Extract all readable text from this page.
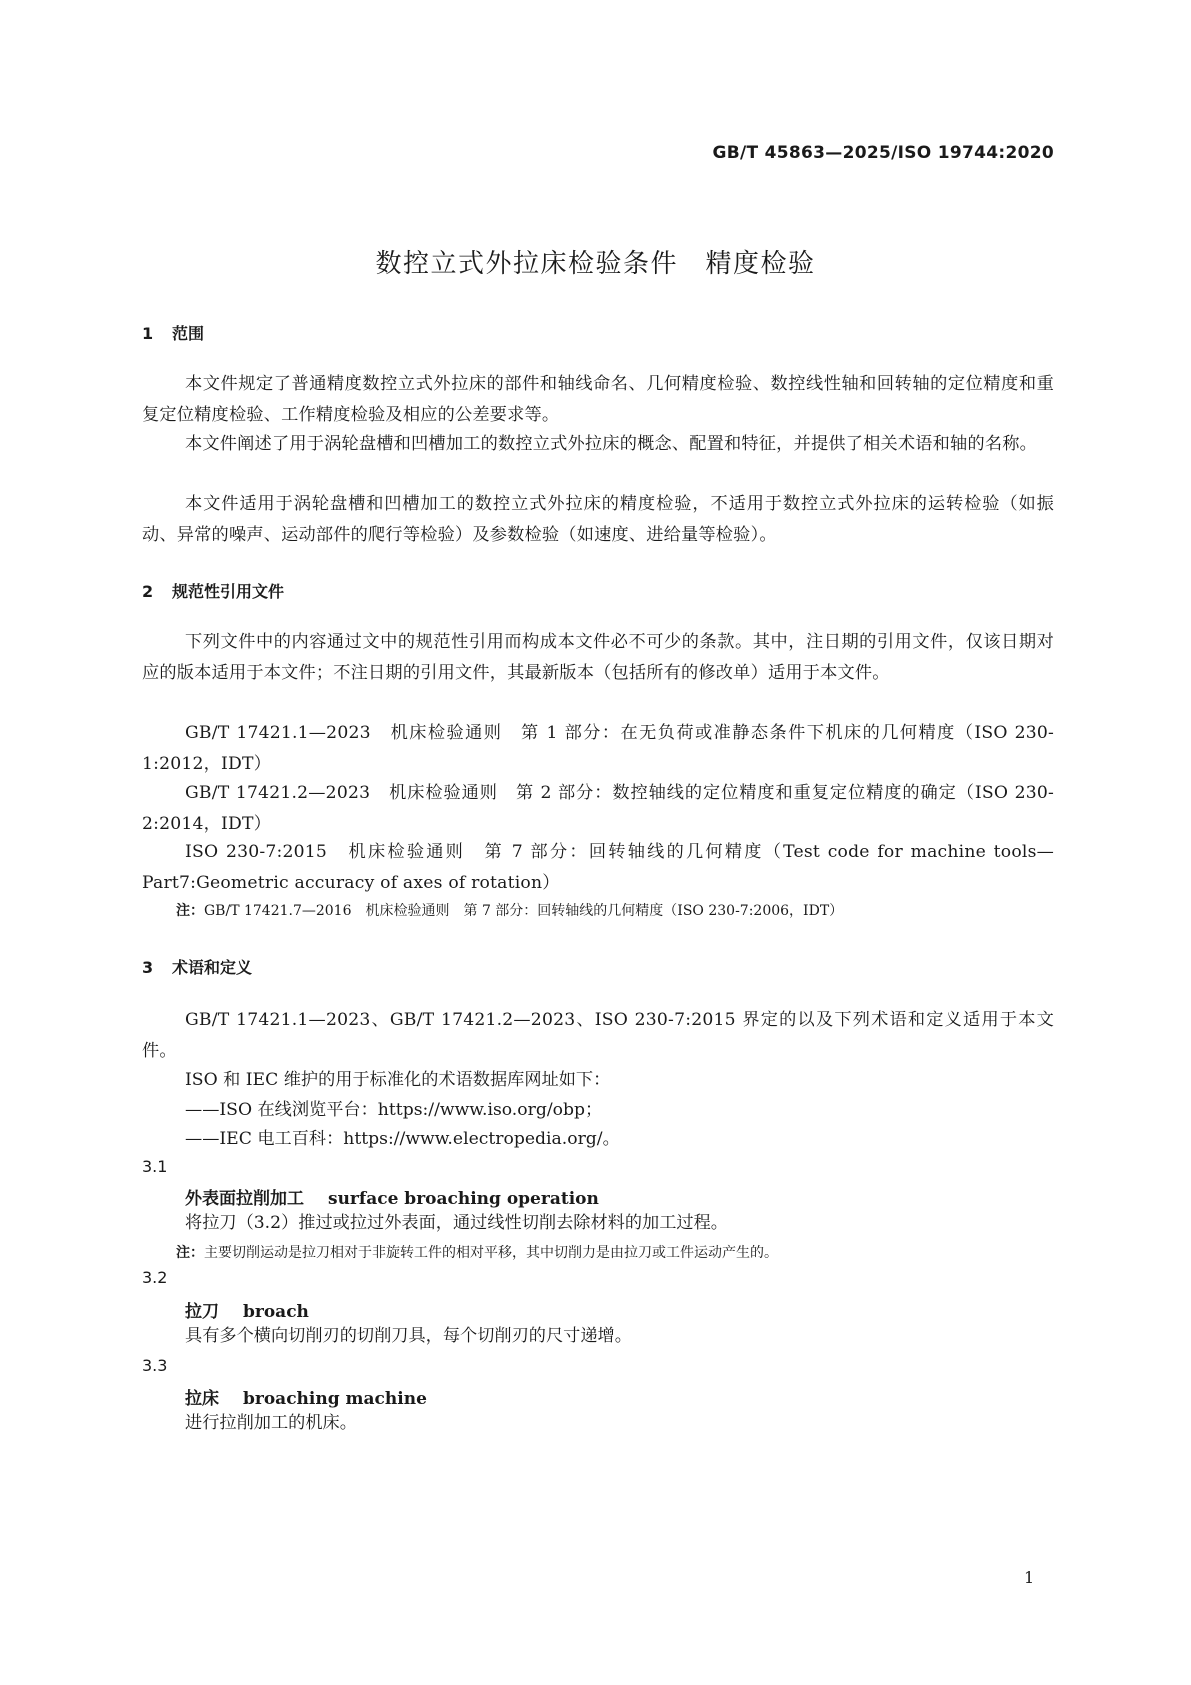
GB/T 45863—2025/ISO 19744:2020
数控立式外拉床检验条件　精度检验
1 范围
本文件规定了普通精度数控立式外拉床的部件和轴线命名、几何精度检验、数控线性轴和回转轴的定位精度和重复定位精度检验、工作精度检验及相应的公差要求等。
本文件阐述了用于涡轮盘槽和凹槽加工的数控立式外拉床的概念、配置和特征，并提供了相关术语和轴的名称。
本文件适用于涡轮盘槽和凹槽加工的数控立式外拉床的精度检验，不适用于数控立式外拉床的运转检验（如振动、异常的噪声、运动部件的爬行等检验）及参数检验（如速度、进给量等检验）。
2 规范性引用文件
下列文件中的内容通过文中的规范性引用而构成本文件必不可少的条款。其中，注日期的引用文件，仅该日期对应的版本适用于本文件；不注日期的引用文件，其最新版本（包括所有的修改单）适用于本文件。
GB/T 17421.1—2023　机床检验通则　第 1 部分：在无负荷或准静态条件下机床的几何精度（ISO 230-1:2012，IDT）
GB/T 17421.2—2023　机床检验通则　第 2 部分：数控轴线的定位精度和重复定位精度的确定（ISO 230-2:2014，IDT）
ISO 230-7:2015　机床检验通则　第 7 部分：回转轴线的几何精度（Test code for machine tools—Part7:Geometric accuracy of axes of rotation）
注：GB/T 17421.7—2016　机床检验通则　第 7 部分：回转轴线的几何精度（ISO 230-7:2006，IDT）
3 术语和定义
GB/T 17421.1—2023、GB/T 17421.2—2023、ISO 230-7:2015 界定的以及下列术语和定义适用于本文件。
ISO 和 IEC 维护的用于标准化的术语数据库网址如下：
——ISO 在线浏览平台：https://www.iso.org/obp；
——IEC 电工百科：https://www.electropedia.org/。
3.1
外表面拉削加工 surface broaching operation
将拉刀（3.2）推过或拉过外表面，通过线性切削去除材料的加工过程。
注：主要切削运动是拉刀相对于非旋转工件的相对平移，其中切削力是由拉刀或工件运动产生的。
3.2
拉刀 broach
具有多个横向切削刃的切削刀具，每个切削刃的尺寸递增。
3.3
拉床 broaching machine
进行拉削加工的机床。
1
